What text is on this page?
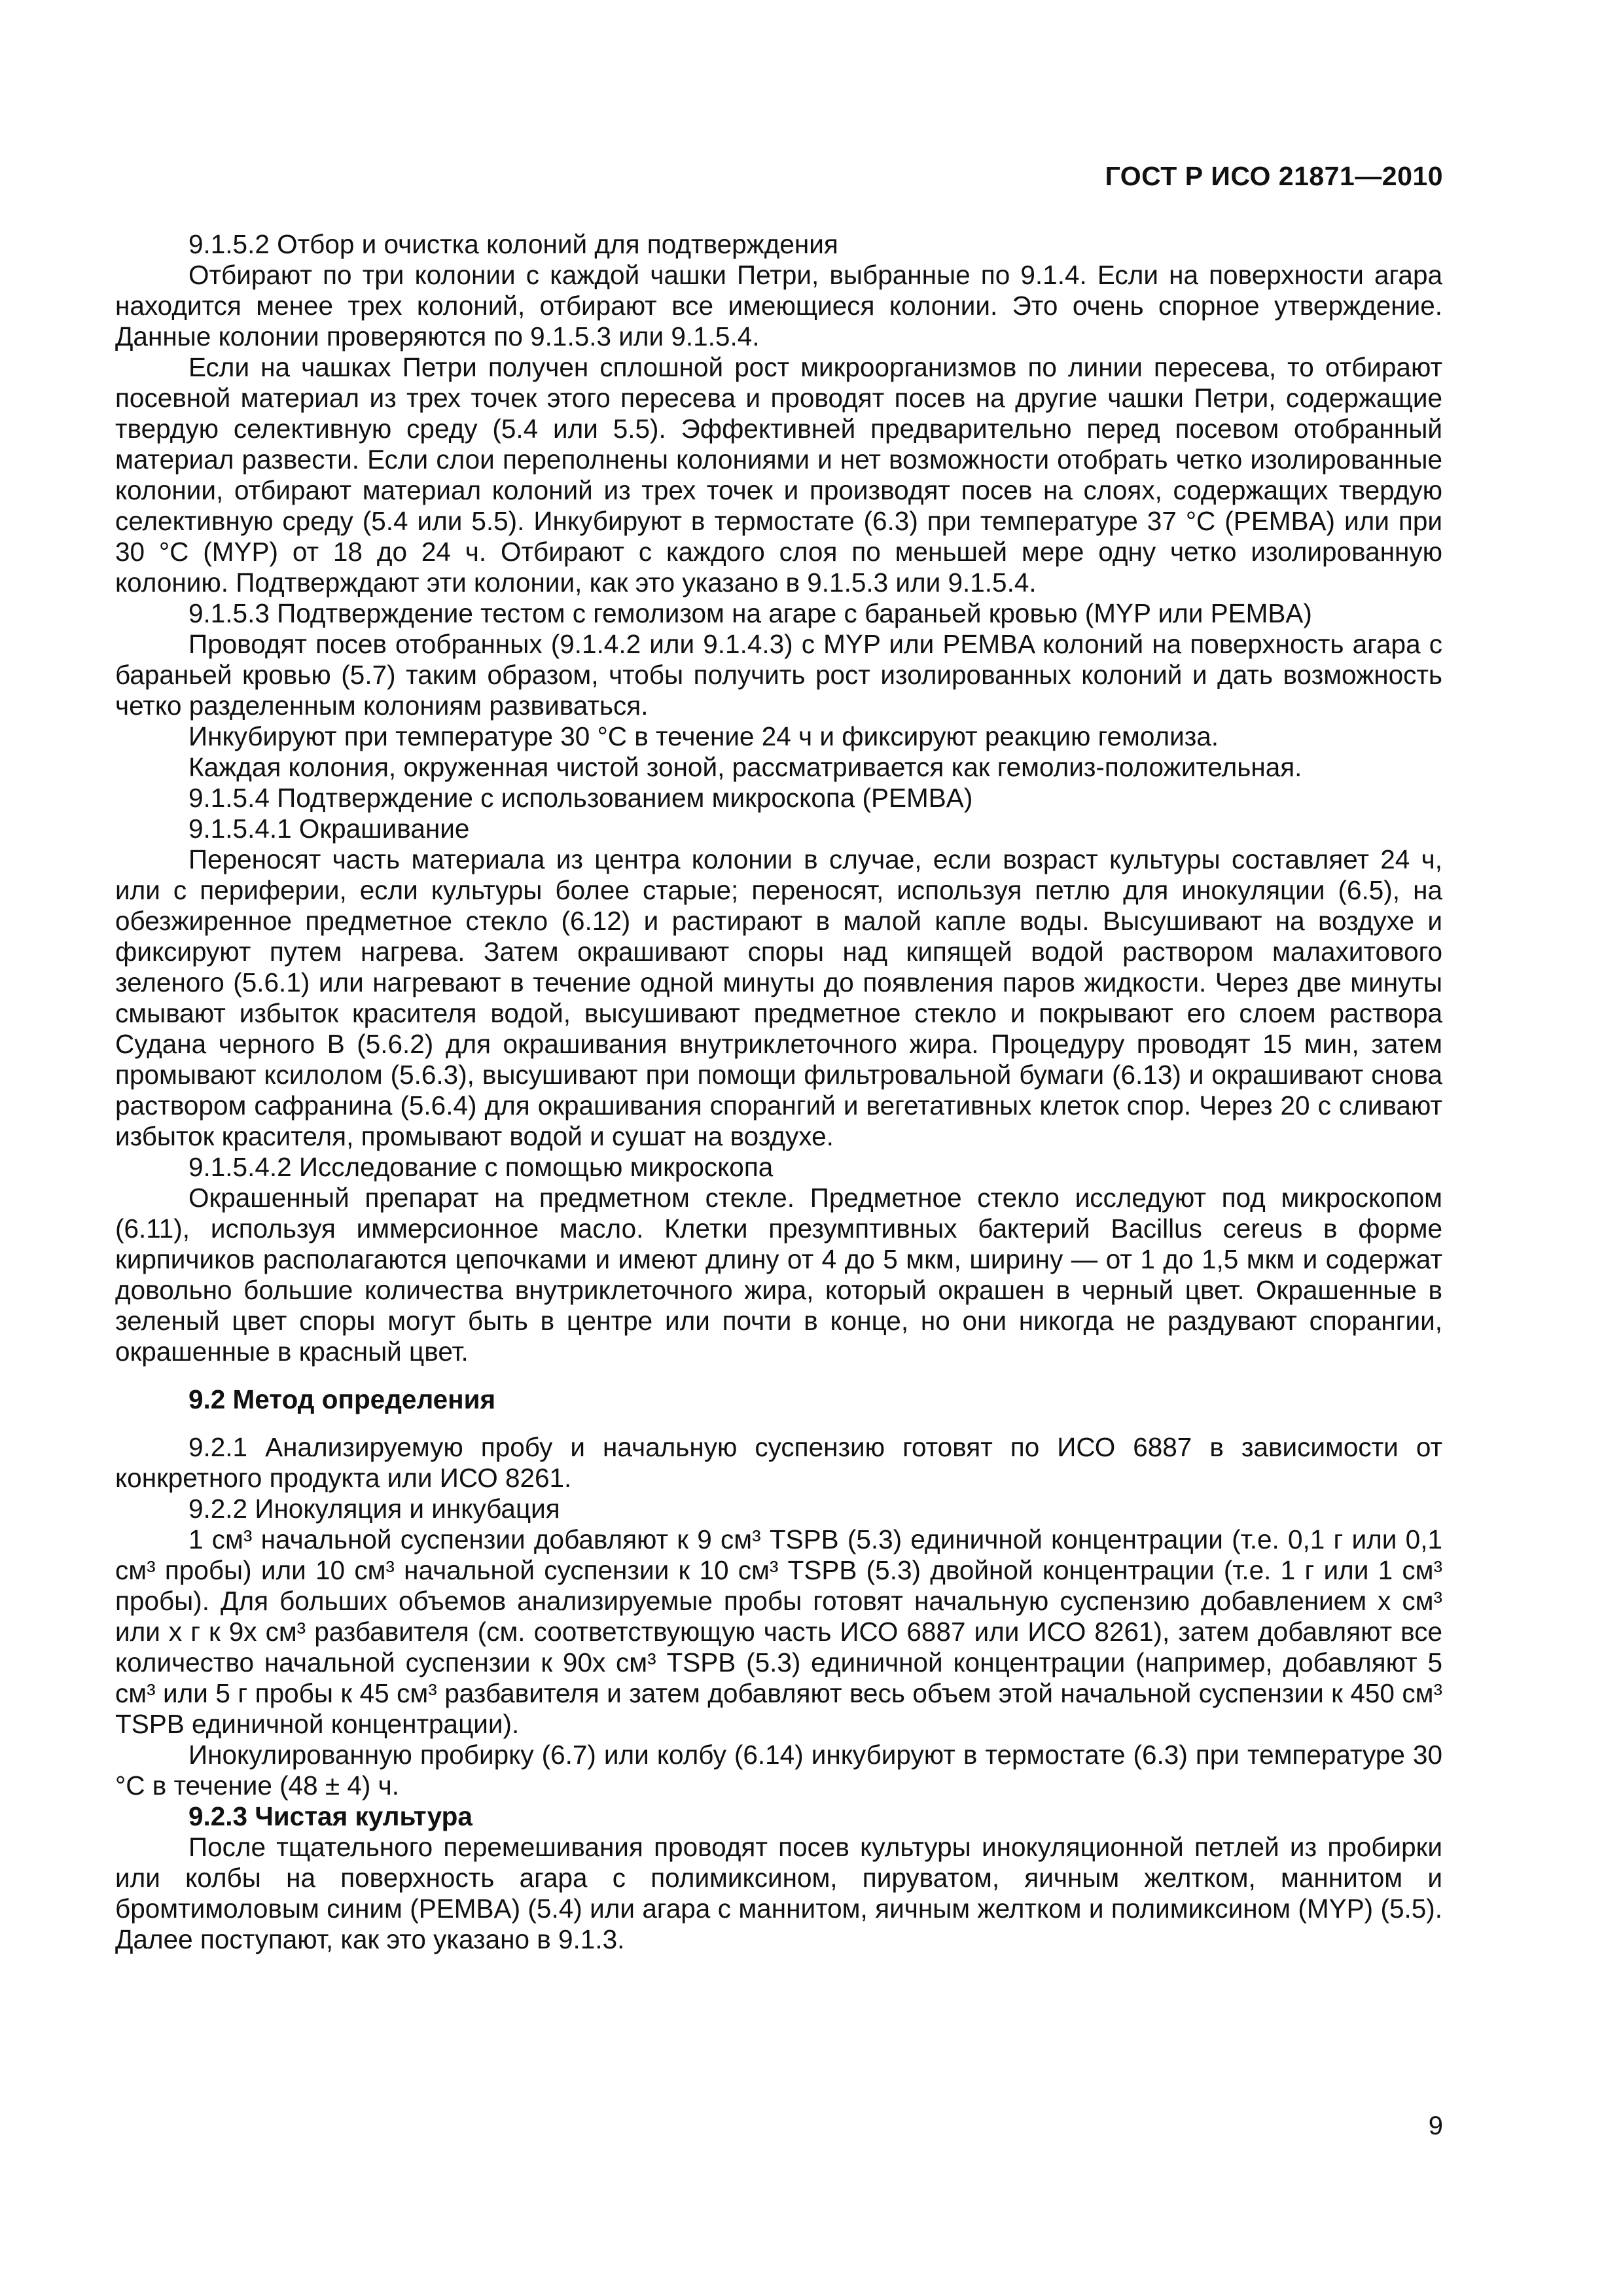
ГОСТ Р ИСО 21871—2010

9.1.5.2 Отбор и очистка колоний для подтверждения

Отбирают по три колонии с каждой чашки Петри, выбранные по 9.1.4. Если на поверхности агара находится менее трех колоний, отбирают все имеющиеся колонии. Это очень спорное утверждение. Данные колонии проверяются по 9.1.5.3 или 9.1.5.4.

Если на чашках Петри получен сплошной рост микроорганизмов по линии пересева, то отбирают посевной материал из трех точек этого пересева и проводят посев на другие чашки Петри, содержащие твердую селективную среду (5.4 или 5.5). Эффективней предварительно перед посевом отобранный материал развести. Если слои переполнены колониями и нет возможности отобрать четко изолированные колонии, отбирают материал колоний из трех точек и производят посев на слоях, содержащих твердую селективную среду (5.4 или 5.5). Инкубируют в термостате (6.3) при температуре 37 °C (PEMBA) или при 30 °C (MYP) от 18 до 24 ч. Отбирают с каждого слоя по меньшей мере одну четко изолированную колонию. Подтверждают эти колонии, как это указано в 9.1.5.3 или 9.1.5.4.

9.1.5.3 Подтверждение тестом с гемолизом на агаре с бараньей кровью (MYP или PEMBA)

Проводят посев отобранных (9.1.4.2 или 9.1.4.3) с MYP или PEMBA колоний на поверхность агара с бараньей кровью (5.7) таким образом, чтобы получить рост изолированных колоний и дать возможность четко разделенным колониям развиваться.

Инкубируют при температуре 30 °C в течение 24 ч и фиксируют реакцию гемолиза.

Каждая колония, окруженная чистой зоной, рассматривается как гемолиз-положительная.

9.1.5.4 Подтверждение с использованием микроскопа (PEMBA)

9.1.5.4.1 Окрашивание

Переносят часть материала из центра колонии в случае, если возраст культуры составляет 24 ч, или с периферии, если культуры более старые; переносят, используя петлю для инокуляции (6.5), на обезжиренное предметное стекло (6.12) и растирают в малой капле воды. Высушивают на воздухе и фиксируют путем нагрева. Затем окрашивают споры над кипящей водой раствором малахитового зеленого (5.6.1) или нагревают в течение одной минуты до появления паров жидкости. Через две минуты смывают избыток красителя водой, высушивают предметное стекло и покрывают его слоем раствора Судана черного B (5.6.2) для окрашивания внутриклеточного жира. Процедуру проводят 15 мин, затем промывают ксилолом (5.6.3), высушивают при помощи фильтровальной бумаги (6.13) и окрашивают снова раствором сафранина (5.6.4) для окрашивания спорангий и вегетативных клеток спор. Через 20 с сливают избыток красителя, промывают водой и сушат на воздухе.

9.1.5.4.2 Исследование с помощью микроскопа

Окрашенный препарат на предметном стекле. Предметное стекло исследуют под микроскопом (6.11), используя иммерсионное масло. Клетки презумптивных бактерий Bacillus cereus в форме кирпичиков располагаются цепочками и имеют длину от 4 до 5 мкм, ширину — от 1 до 1,5 мкм и содержат довольно большие количества внутриклеточного жира, который окрашен в черный цвет. Окрашенные в зеленый цвет споры могут быть в центре или почти в конце, но они никогда не раздувают спорангии, окрашенные в красный цвет.

9.2 Метод определения

9.2.1 Анализируемую пробу и начальную суспензию готовят по ИСО 6887 в зависимости от конкретного продукта или ИСО 8261.

9.2.2 Инокуляция и инкубация

1 см³ начальной суспензии добавляют к 9 см³ TSPB (5.3) единичной концентрации (т.е. 0,1 г или 0,1 см³ пробы) или 10 см³ начальной суспензии к 10 см³ TSPB (5.3) двойной концентрации (т.е. 1 г или 1 см³ пробы). Для больших объемов анализируемые пробы готовят начальную суспензию добавлением x см³ или x г к 9x см³ разбавителя (см. соответствующую часть ИСО 6887 или ИСО 8261), затем добавляют все количество начальной суспензии к 90x см³ TSPB (5.3) единичной концентрации (например, добавляют 5 см³ или 5 г пробы к 45 см³ разбавителя и затем добавляют весь объем этой начальной суспензии к 450 см³ TSPB единичной концентрации).

Инокулированную пробирку (6.7) или колбу (6.14) инкубируют в термостате (6.3) при температуре 30 °C в течение (48 ± 4) ч.

9.2.3 Чистая культура

После тщательного перемешивания проводят посев культуры инокуляционной петлей из пробирки или колбы на поверхность агара с полимиксином, пируватом, яичным желтком, маннитом и бромтимоловым синим (PEMBA) (5.4) или агара с маннитом, яичным желтком и полимиксином (MYP) (5.5). Далее поступают, как это указано в 9.1.3.

9
